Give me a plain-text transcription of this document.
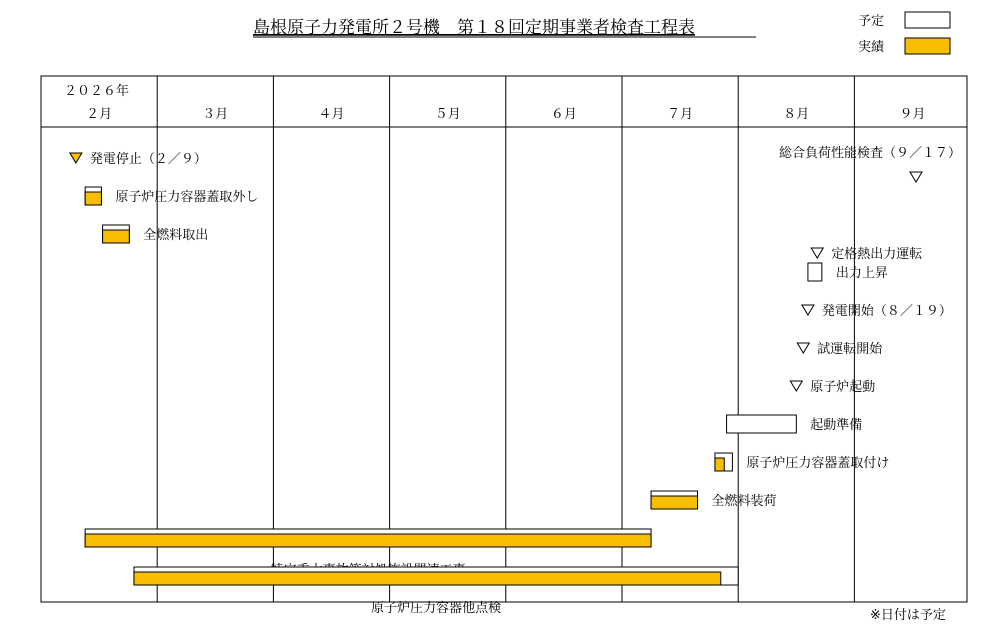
島根原子力発電所２号機　第１８回定期事業者検査工程表	予定
実績
２０２６年
２月	３月	４月	５月	６月	７月	８月	９月
発電停止（２／９）
原子炉圧力容器蓋取外し
全燃料取出
原子炉圧力容器他点検
全燃料装荷
原子炉圧力容器蓋取付け
起動準備
原子炉起動
試運転開始
発電開始（８／１９）
出力上昇
定格熱出力運転
総合負荷性能検査（９／１７）
※日付は予定
